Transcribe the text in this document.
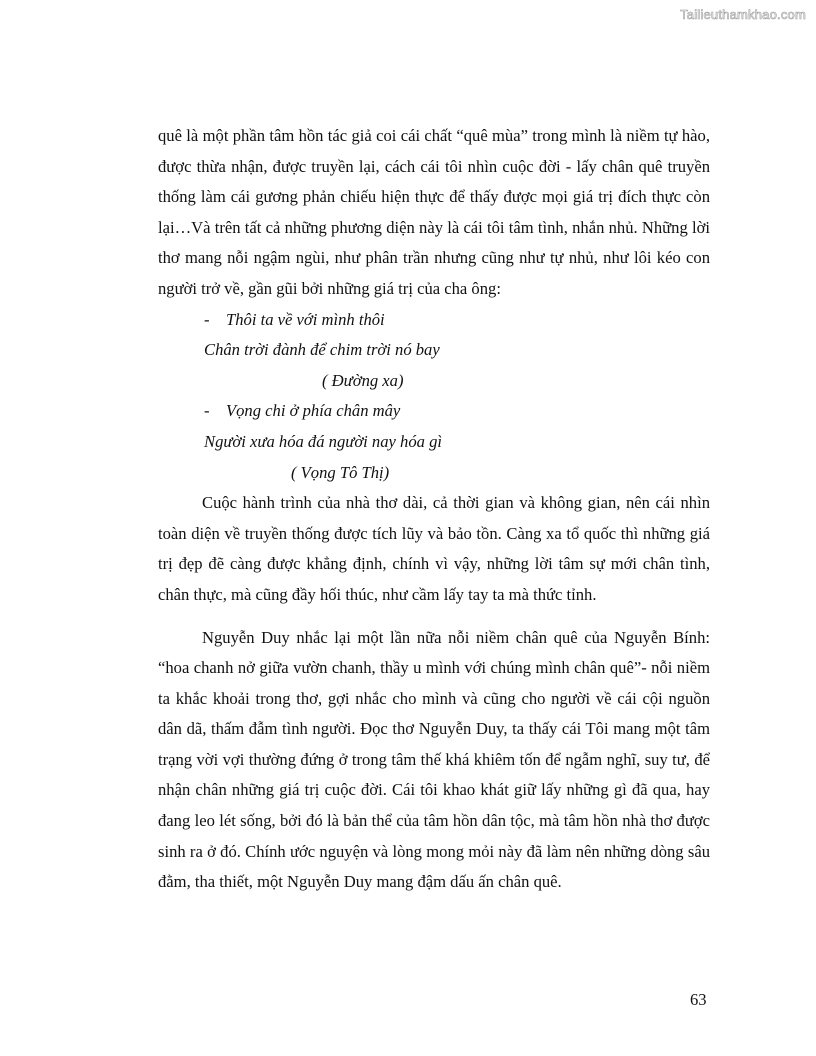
Tailieuthamkhao.com

quê là một phần tâm hồn tác giả coi cái chất “quê mùa” trong mình là niềm tự hào, được thừa nhận, được truyền lại, cách cái tôi nhìn cuộc đời - lấy chân quê truyền thống làm cái gương phản chiếu hiện thực để thấy được mọi giá trị đích thực còn lại…Và trên tất cả những phương diện này là cái tôi tâm tình, nhắn nhủ. Những lời thơ mang nỗi ngậm ngùi, như phân trần nhưng cũng như tự nhủ, như lôi kéo con người trở về, gần gũi bởi những giá trị của cha ông:

- Thôi ta về với mình thôi
Chân trời đành để chim trời nó bay
( Đường xa)
- Vọng chi ở phía chân mây
Người xưa hóa đá người nay hóa gì
( Vọng Tô Thị)

Cuộc hành trình của nhà thơ dài, cả thời gian và không gian, nên cái nhìn toàn diện về truyền thống được tích lũy và bảo tồn. Càng xa tổ quốc thì những giá trị đẹp đẽ càng được khẳng định, chính vì vậy, những lời tâm sự mới chân tình, chân thực, mà cũng đầy hối thúc, như cầm lấy tay ta mà thức tỉnh.

Nguyễn Duy nhắc lại một lần nữa nỗi niềm chân quê của Nguyễn Bính: “hoa chanh nở giữa vườn chanh, thầy u mình với chúng mình chân quê”- nỗi niềm ta khắc khoải trong thơ, gợi nhắc cho mình và cũng cho người về cái cội nguồn dân dã, thấm đẫm tình người. Đọc thơ Nguyễn Duy, ta thấy cái Tôi mang một tâm trạng vời vợi thường đứng ở trong tâm thế khá khiêm tốn để ngẫm nghĩ, suy tư, để nhận chân những giá trị cuộc đời. Cái tôi khao khát giữ lấy những gì đã qua, hay đang leo lét sống, bởi đó là bản thể của tâm hồn dân tộc, mà tâm hồn nhà thơ được sinh ra ở đó. Chính ước nguyện và lòng mong mỏi này đã làm nên những dòng sâu đằm, tha thiết, một Nguyễn Duy mang đậm dấu ấn chân quê.

63
